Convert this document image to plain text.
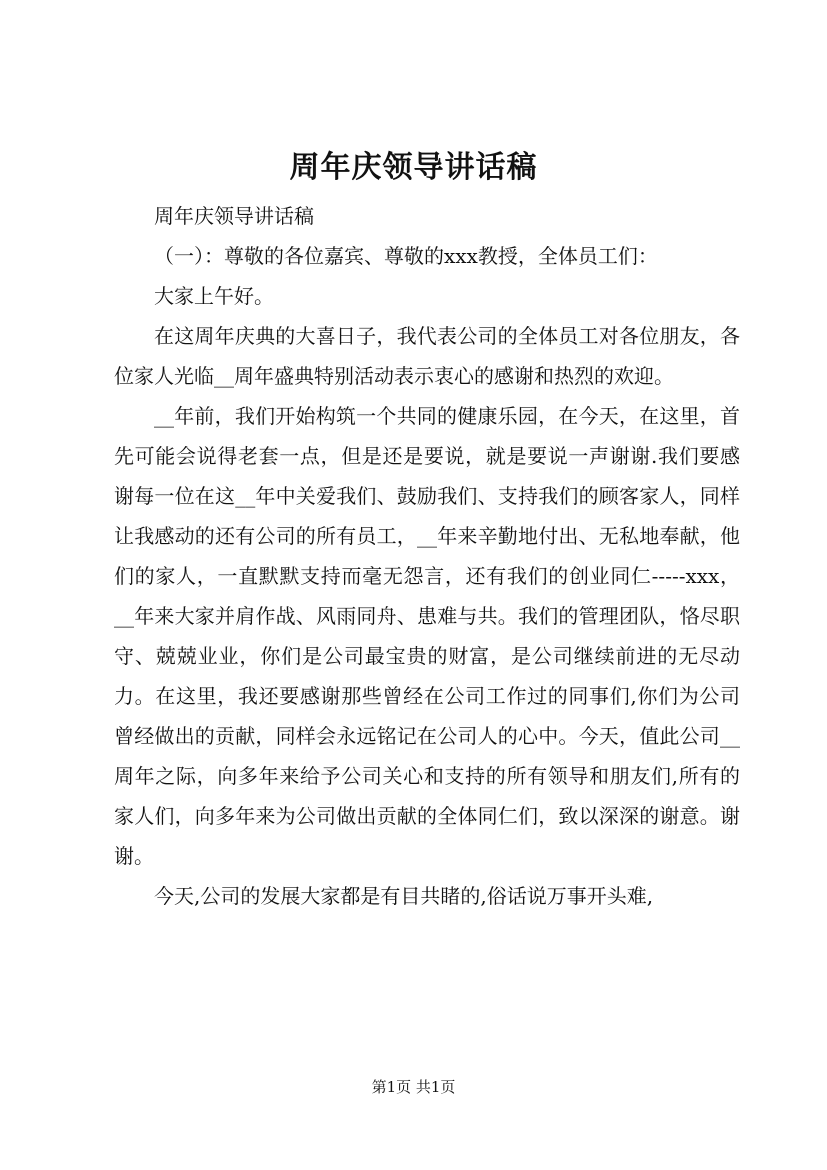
周年庆领导讲话稿

周年庆领导讲话稿

（一）：尊敬的各位嘉宾、尊敬的xxx教授，全体员工们：

大家上午好。

在这周年庆典的大喜日子，我代表公司的全体员工对各位朋友，各位家人光临__周年盛典特别活动表示衷心的感谢和热烈的欢迎。

__年前，我们开始构筑一个共同的健康乐园，在今天，在这里，首先可能会说得老套一点，但是还是要说，就是要说一声谢谢.我们要感谢每一位在这__年中关爱我们、鼓励我们、支持我们的顾客家人，同样让我感动的还有公司的所有员工，__年来辛勤地付出、无私地奉献，他们的家人，一直默默支持而毫无怨言，还有我们的创业同仁-----xxx，__年来大家并肩作战、风雨同舟、患难与共。我们的管理团队，恪尽职守、兢兢业业，你们是公司最宝贵的财富，是公司继续前进的无尽动力。在这里，我还要感谢那些曾经在公司工作过的同事们,你们为公司曾经做出的贡献，同样会永远铭记在公司人的心中。今天，值此公司__周年之际，向多年来给予公司关心和支持的所有领导和朋友们,所有的家人们，向多年来为公司做出贡献的全体同仁们，致以深深的谢意。谢谢。

今天,公司的发展大家都是有目共睹的,俗话说万事开头难,

第1页 共1页
